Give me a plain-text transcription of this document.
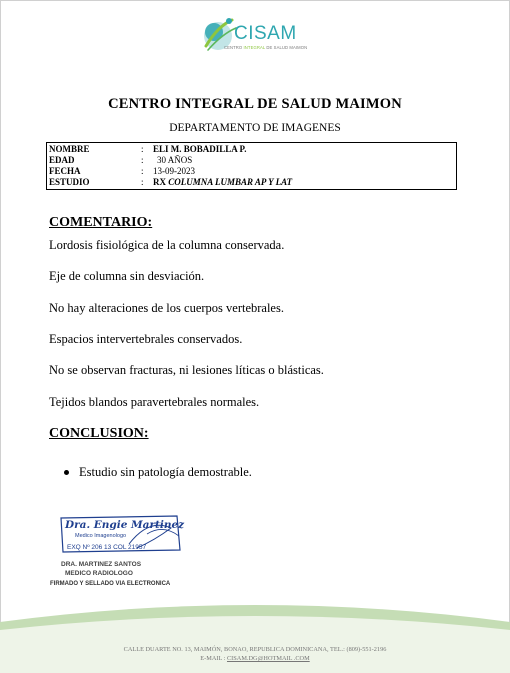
CISAM
CENTRO INTEGRAL DE SALUD MAIMON
CENTRO INTEGRAL DE SALUD MAIMON
DEPARTAMENTO DE IMAGENES
NOMBRE	: ELI M. BOBADILLA P.
EDAD	: 30 AÑOS
FECHA	: 13-09-2023
ESTUDIO	: RX COLUMNA LUMBAR AP Y LAT
COMENTARIO:
Lordosis fisiológica de la columna conservada.
Eje de columna sin desviación.
No hay alteraciones de los cuerpos vertebrales.
Espacios intervertebrales conservados.
No se observan fracturas, ni lesiones líticas o blásticas.
Tejidos blandos paravertebrales normales.
CONCLUSION:
Estudio sin patología demostrable.
Dra. Engie Martinez
Medico Imagenologo
EXQ Nº 206 13 COL 21957
DRA. MARTINEZ SANTOS
MEDICO RADIOLOGO
FIRMADO Y SELLADO VIA ELECTRONICA
CALLE DUARTE NO. 13, MAIMÓN, BONAO, REPUBLICA DOMINICANA, TEL.: (809)-551-2196
E-MAIL : CISAM.DG@HOTMAIL .COM
